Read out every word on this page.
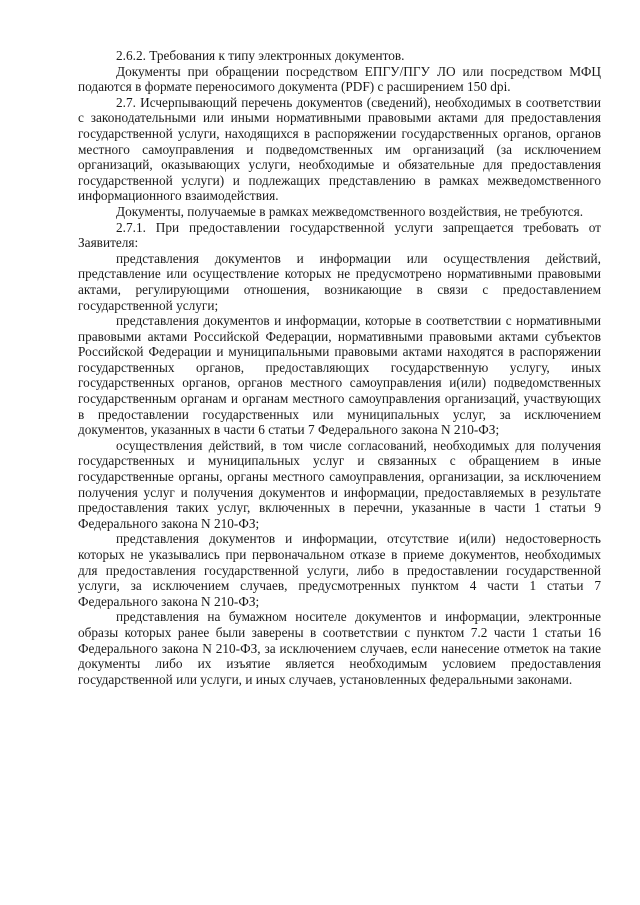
2.6.2. Требования к типу электронных документов.

Документы при обращении посредством ЕПГУ/ПГУ ЛО или посредством МФЦ подаются в формате переносимого документа (PDF) с расширением 150 dpi.

2.7. Исчерпывающий перечень документов (сведений), необходимых в соответствии с законодательными или иными нормативными правовыми актами для предоставления государственной услуги, находящихся в распоряжении государственных органов, органов местного самоуправления и подведомственных им организаций (за исключением организаций, оказывающих услуги, необходимые и обязательные для предоставления государственной услуги) и подлежащих представлению в рамках межведомственного информационного взаимодействия.

Документы, получаемые в рамках межведомственного воздействия, не требуются.

2.7.1. При предоставлении государственной услуги запрещается требовать от Заявителя:

представления документов и информации или осуществления действий, представление или осуществление которых не предусмотрено нормативными правовыми актами, регулирующими отношения, возникающие в связи с предоставлением государственной услуги;

представления документов и информации, которые в соответствии с нормативными правовыми актами Российской Федерации, нормативными правовыми актами субъектов Российской Федерации и муниципальными правовыми актами находятся в распоряжении государственных органов, предоставляющих государственную услугу, иных государственных органов, органов местного самоуправления и(или) подведомственных государственным органам и органам местного самоуправления организаций, участвующих в предоставлении государственных или муниципальных услуг, за исключением документов, указанных в части 6 статьи 7 Федерального закона N 210-ФЗ;

осуществления действий, в том числе согласований, необходимых для получения государственных и муниципальных услуг и связанных с обращением в иные государственные органы, органы местного самоуправления, организации, за исключением получения услуг и получения документов и информации, предоставляемых в результате предоставления таких услуг, включенных в перечни, указанные в части 1 статьи 9 Федерального закона N 210-ФЗ;

представления документов и информации, отсутствие и(или) недостоверность которых не указывались при первоначальном отказе в приеме документов, необходимых для предоставления государственной услуги, либо в предоставлении государственной услуги, за исключением случаев, предусмотренных пунктом 4 части 1 статьи 7 Федерального закона N 210-ФЗ;

представления на бумажном носителе документов и информации, электронные образы которых ранее были заверены в соответствии с пунктом 7.2 части 1 статьи 16 Федерального закона N 210-ФЗ, за исключением случаев, если нанесение отметок на такие документы либо их изъятие является необходимым условием предоставления государственной или услуги, и иных случаев, установленных федеральными законами.
